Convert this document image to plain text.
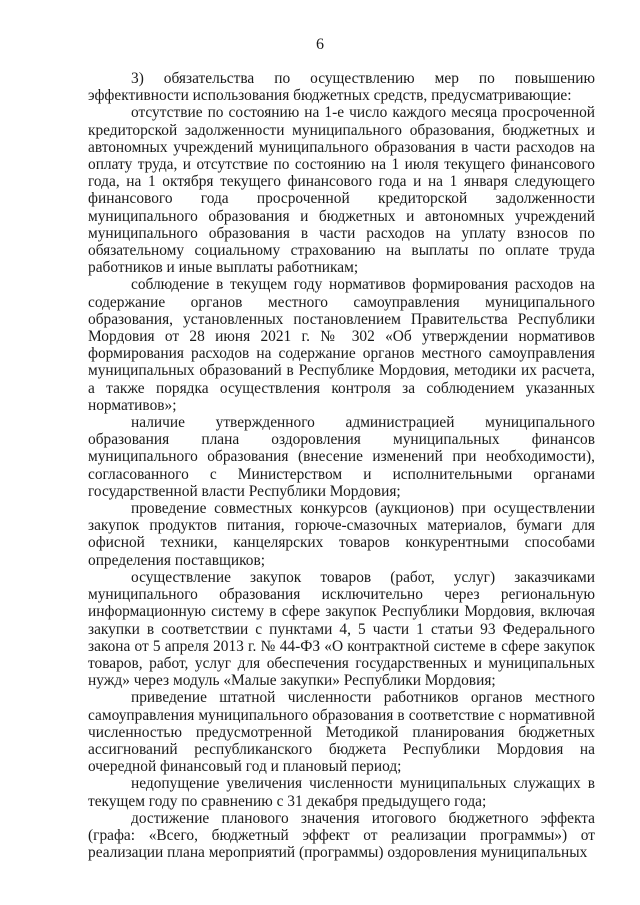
6

3) обязательства по осуществлению мер по повышению эффективности использования бюджетных средств, предусматривающие:

отсутствие по состоянию на 1-е число каждого месяца просроченной кредиторской задолженности муниципального образования, бюджетных и автономных учреждений муниципального образования в части расходов на оплату труда, и отсутствие по состоянию на 1 июля текущего финансового года, на 1 октября текущего финансового года и на 1 января следующего финансового года просроченной кредиторской задолженности муниципального образования и бюджетных и автономных учреждений муниципального образования в части расходов на уплату взносов по обязательному социальному страхованию на выплаты по оплате труда работников и иные выплаты работникам;

соблюдение в текущем году нормативов формирования расходов на содержание органов местного самоуправления муниципального образования, установленных постановлением Правительства Республики Мордовия от 28 июня 2021 г. № 302 «Об утверждении нормативов формирования расходов на содержание органов местного самоуправления муниципальных образований в Республике Мордовия, методики их расчета, а также порядка осуществления контроля за соблюдением указанных нормативов»;

наличие утвержденного администрацией муниципального образования плана оздоровления муниципальных финансов муниципального образования (внесение изменений при необходимости), согласованного с Министерством и исполнительными органами государственной власти Республики Мордовия;

проведение совместных конкурсов (аукционов) при осуществлении закупок продуктов питания, горюче-смазочных материалов, бумаги для офисной техники, канцелярских товаров конкурентными способами определения поставщиков;

осуществление закупок товаров (работ, услуг) заказчиками муниципального образования исключительно через региональную информационную систему в сфере закупок Республики Мордовия, включая закупки в соответствии с пунктами 4, 5 части 1 статьи 93 Федерального закона от 5 апреля 2013 г. № 44-ФЗ «О контрактной системе в сфере закупок товаров, работ, услуг для обеспечения государственных и муниципальных нужд» через модуль «Малые закупки» Республики Мордовия;

приведение штатной численности работников органов местного самоуправления муниципального образования в соответствие с нормативной численностью предусмотренной Методикой планирования бюджетных ассигнований республиканского бюджета Республики Мордовия на очередной финансовый год и плановый период;

недопущение увеличения численности муниципальных служащих в текущем году по сравнению с 31 декабря предыдущего года;

достижение планового значения итогового бюджетного эффекта (графа: «Всего, бюджетный эффект от реализации программы») от реализации плана мероприятий (программы) оздоровления муниципальных
